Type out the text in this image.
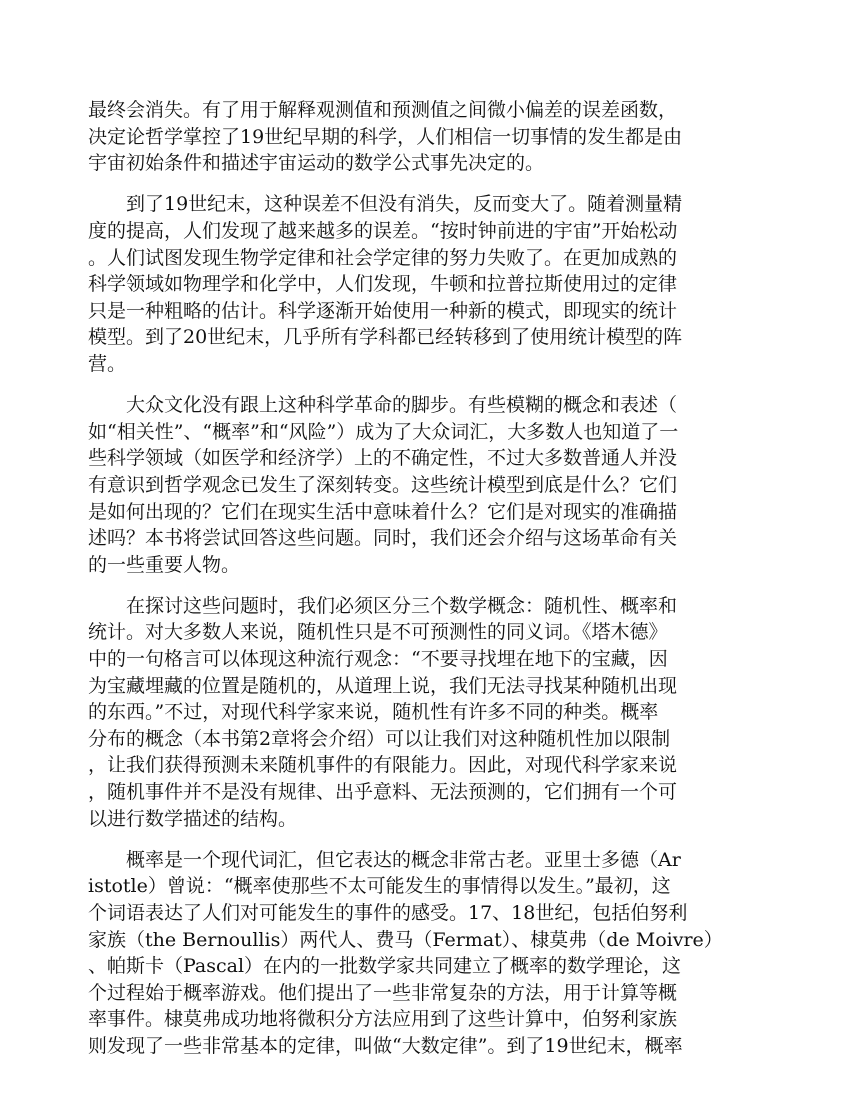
最终会消失。有了用于解释观测值和预测值之间微小偏差的误差函数，
决定论哲学掌控了19世纪早期的科学，人们相信一切事情的发生都是由
宇宙初始条件和描述宇宙运动的数学公式事先决定的。
到了19世纪末，这种误差不但没有消失，反而变大了。随着测量精
度的提高，人们发现了越来越多的误差。“按时钟前进的宇宙”开始松动
。人们试图发现生物学定律和社会学定律的努力失败了。在更加成熟的
科学领域如物理学和化学中，人们发现，牛顿和拉普拉斯使用过的定律
只是一种粗略的估计。科学逐渐开始使用一种新的模式，即现实的统计
模型。到了20世纪末，几乎所有学科都已经转移到了使用统计模型的阵
营。
大众文化没有跟上这种科学革命的脚步。有些模糊的概念和表述（
如“相关性”、“概率”和“风险”）成为了大众词汇，大多数人也知道了一
些科学领域（如医学和经济学）上的不确定性，不过大多数普通人并没
有意识到哲学观念已发生了深刻转变。这些统计模型到底是什么？它们
是如何出现的？它们在现实生活中意味着什么？它们是对现实的准确描
述吗？本书将尝试回答这些问题。同时，我们还会介绍与这场革命有关
的一些重要人物。
在探讨这些问题时，我们必须区分三个数学概念：随机性、概率和
统计。对大多数人来说，随机性只是不可预测性的同义词。《塔木德》
中的一句格言可以体现这种流行观念：“不要寻找埋在地下的宝藏，因
为宝藏埋藏的位置是随机的，从道理上说，我们无法寻找某种随机出现
的东西。”不过，对现代科学家来说，随机性有许多不同的种类。概率
分布的概念（本书第2章将会介绍）可以让我们对这种随机性加以限制
，让我们获得预测未来随机事件的有限能力。因此，对现代科学家来说
，随机事件并不是没有规律、出乎意料、无法预测的，它们拥有一个可
以进行数学描述的结构。
概率是一个现代词汇，但它表达的概念非常古老。亚里士多德（Ar
istotle）曾说：“概率使那些不太可能发生的事情得以发生。”最初，这
个词语表达了人们对可能发生的事件的感受。17、18世纪，包括伯努利
家族（the Bernoullis）两代人、费马（Fermat）、棣莫弗（de Moivre）
、帕斯卡（Pascal）在内的一批数学家共同建立了概率的数学理论，这
个过程始于概率游戏。他们提出了一些非常复杂的方法，用于计算等概
率事件。棣莫弗成功地将微积分方法应用到了这些计算中，伯努利家族
则发现了一些非常基本的定律，叫做“大数定律”。到了19世纪末，概率
